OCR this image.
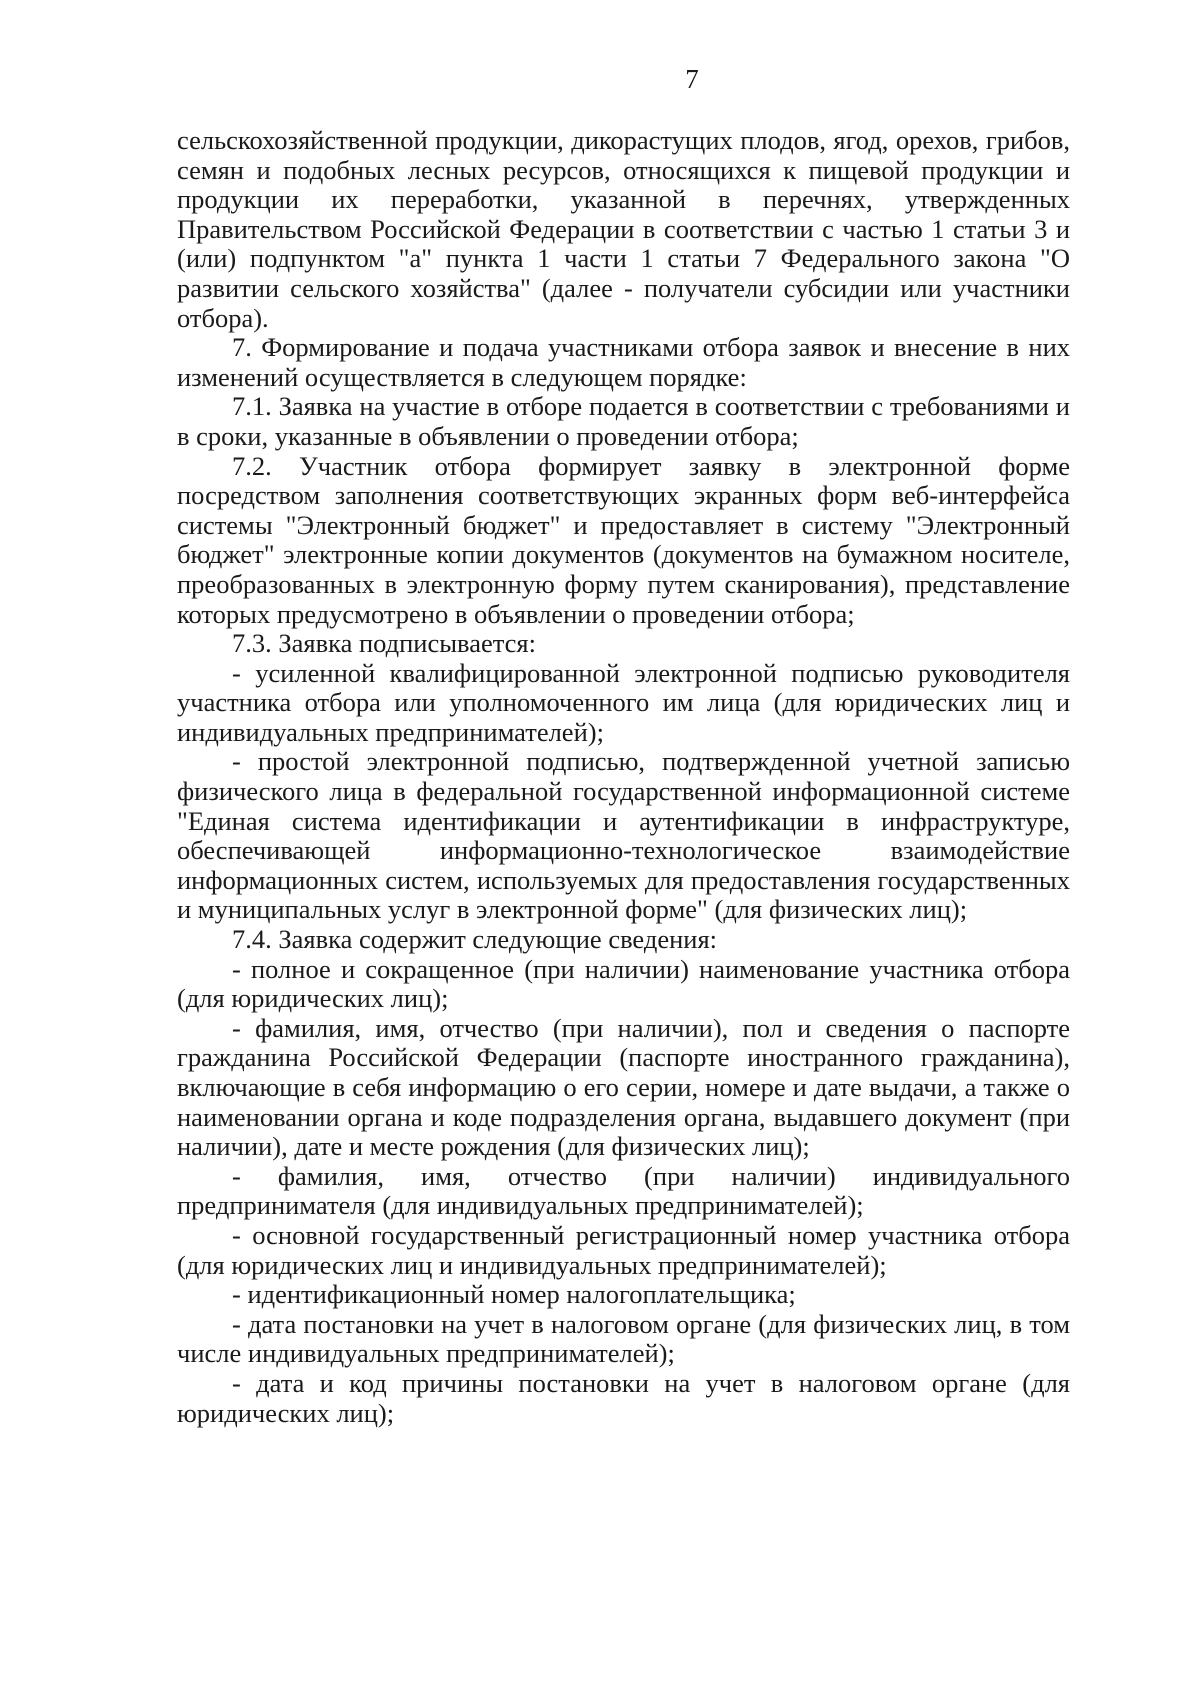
7

сельскохозяйственной продукции, дикорастущих плодов, ягод, орехов, грибов, семян и подобных лесных ресурсов, относящихся к пищевой продукции и продукции их переработки, указанной в перечнях, утвержденных Правительством Российской Федерации в соответствии с частью 1 статьи 3 и (или) подпунктом "а" пункта 1 части 1 статьи 7 Федерального закона "О развитии сельского хозяйства" (далее - получатели субсидии или участники отбора).

7. Формирование и подача участниками отбора заявок и внесение в них изменений осуществляется в следующем порядке:

7.1. Заявка на участие в отборе подается в соответствии с требованиями и в сроки, указанные в объявлении о проведении отбора;

7.2. Участник отбора формирует заявку в электронной форме посредством заполнения соответствующих экранных форм веб-интерфейса системы "Электронный бюджет" и предоставляет в систему "Электронный бюджет" электронные копии документов (документов на бумажном носителе, преобразованных в электронную форму путем сканирования), представление которых предусмотрено в объявлении о проведении отбора;

7.3. Заявка подписывается:

- усиленной квалифицированной электронной подписью руководителя участника отбора или уполномоченного им лица (для юридических лиц и индивидуальных предпринимателей);

- простой электронной подписью, подтвержденной учетной записью физического лица в федеральной государственной информационной системе "Единая система идентификации и аутентификации в инфраструктуре, обеспечивающей информационно-технологическое взаимодействие информационных систем, используемых для предоставления государственных и муниципальных услуг в электронной форме" (для физических лиц);

7.4. Заявка содержит следующие сведения:

- полное и сокращенное (при наличии) наименование участника отбора (для юридических лиц);

- фамилия, имя, отчество (при наличии), пол и сведения о паспорте гражданина Российской Федерации (паспорте иностранного гражданина), включающие в себя информацию о его серии, номере и дате выдачи, а также о наименовании органа и коде подразделения органа, выдавшего документ (при наличии), дате и месте рождения (для физических лиц);

- фамилия, имя, отчество (при наличии) индивидуального предпринимателя (для индивидуальных предпринимателей);

- основной государственный регистрационный номер участника отбора (для юридических лиц и индивидуальных предпринимателей);

- идентификационный номер налогоплательщика;

- дата постановки на учет в налоговом органе (для физических лиц, в том числе индивидуальных предпринимателей);

- дата и код причины постановки на учет в налоговом органе (для юридических лиц);
